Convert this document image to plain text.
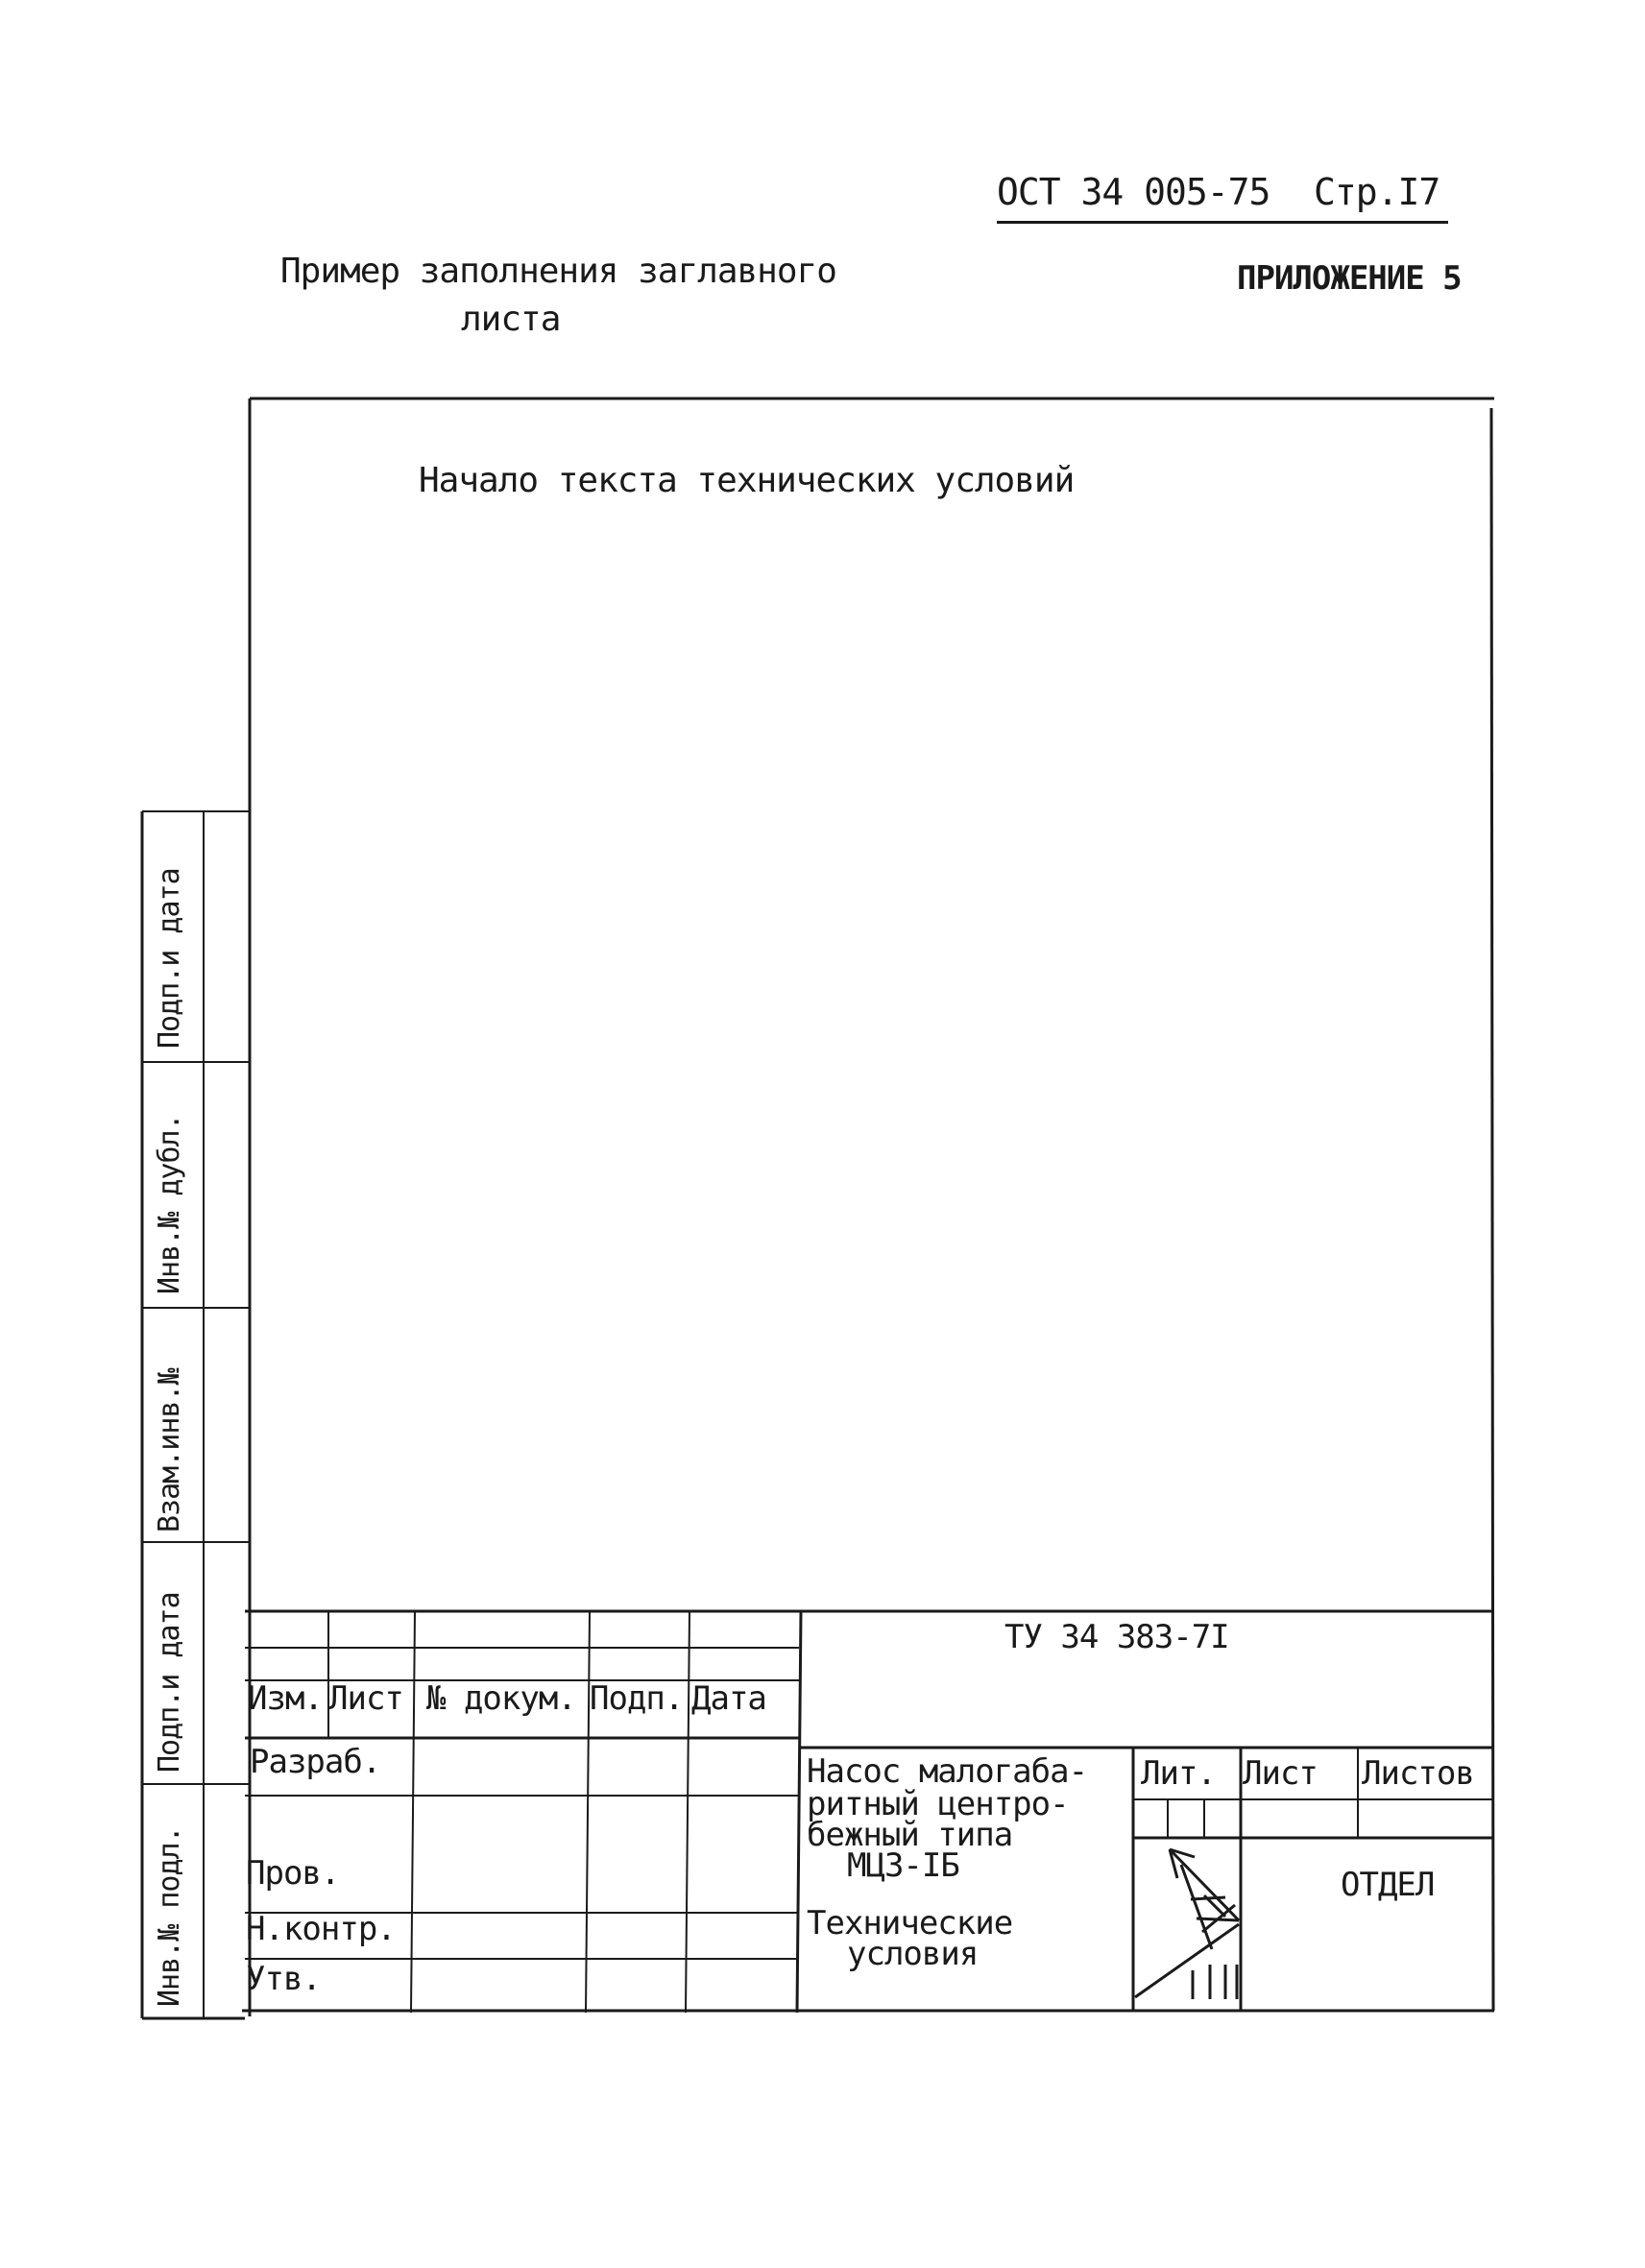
ОСТ 34 005-75 Стр.I7
Пример заполнения заглавного
листа
ПРИЛОЖЕНИЕ 5
Начало текста технических условий
Подп.и дата
Инв.№ дубл.
Взам.инв.№
Подп.и дата
Инв.№ подл.
ТУ 34 383-7I
Изм. Лист № докум. Подп. Дата
Разраб.
Пров.
Н.контр.
Утв.
Насос малогаба-
ритный центро-
бежный типа
МЦЗ-IБ
Технические
условия
Лит. Лист Листов
ОТДЕЛ
